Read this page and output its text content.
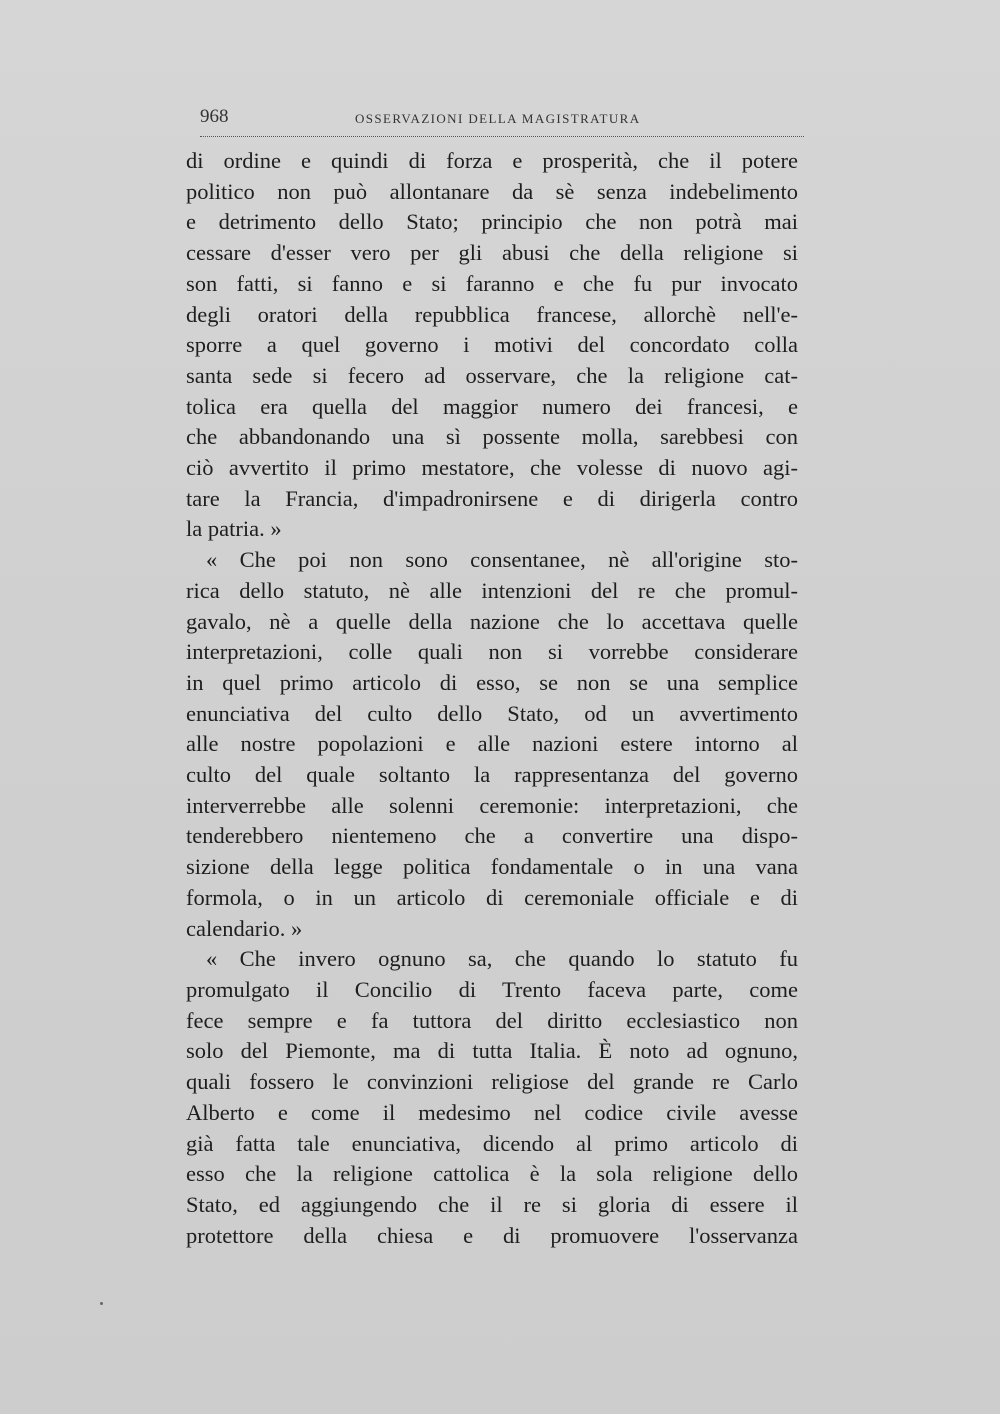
968	OSSERVAZIONI DELLA MAGISTRATURA

di ordine e quindi di forza e prosperità, che il potere
politico non può allontanare da sè senza indebelimento
e detrimento dello Stato; principio che non potrà mai
cessare d'esser vero per gli abusi che della religione si
son fatti, si fanno e si faranno e che fu pur invocato
degli oratori della repubblica francese, allorchè nell'e-
sporre a quel governo i motivi del concordato colla
santa sede si fecero ad osservare, che la religione cat-
tolica era quella del maggior numero dei francesi, e
che abbandonando una sì possente molla, sarebbesi con
ciò avvertito il primo mestatore, che volesse di nuovo agi-
tare la Francia, d'impadronirsene e di dirigerla contro
la patria. »

« Che poi non sono consentanee, nè all'origine sto-
rica dello statuto, nè alle intenzioni del re che promul-
gavalo, nè a quelle della nazione che lo accettava quelle
interpretazioni, colle quali non si vorrebbe considerare
in quel primo articolo di esso, se non se una semplice
enunciativa del culto dello Stato, od un avvertimento
alle nostre popolazioni e alle nazioni estere intorno al
culto del quale soltanto la rappresentanza del governo
interverrebbe alle solenni ceremonie: interpretazioni, che
tenderebbero nientemeno che a convertire una dispo-
sizione della legge politica fondamentale o in una vana
formola, o in un articolo di ceremoniale officiale e di
calendario. »

« Che invero ognuno sa, che quando lo statuto fu
promulgato il Concilio di Trento faceva parte, come
fece sempre e fa tuttora del diritto ecclesiastico non
solo del Piemonte, ma di tutta Italia. È noto ad ognuno,
quali fossero le convinzioni religiose del grande re Carlo
Alberto e come il medesimo nel codice civile avesse
già fatta tale enunciativa, dicendo al primo articolo di
esso che la religione cattolica è la sola religione dello
Stato, ed aggiungendo che il re si gloria di essere il
protettore della chiesa e di promuovere l'osservanza
